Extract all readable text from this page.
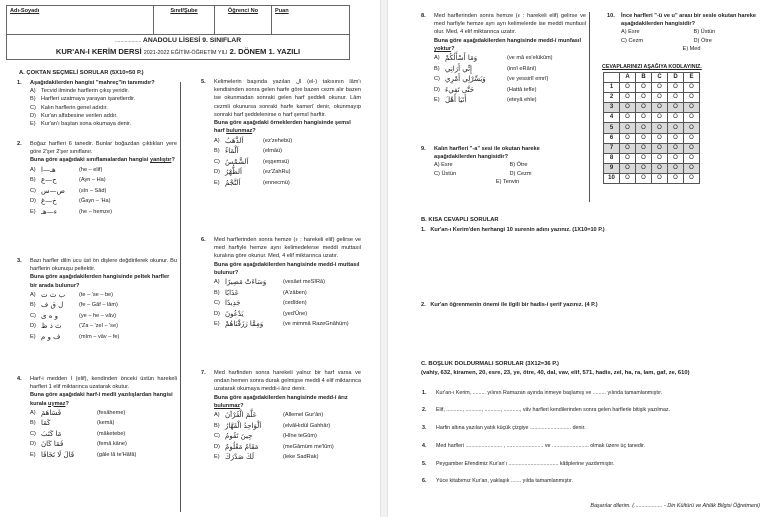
Adı-Soyadı	Sınıf/Şube	Öğrenci No	Puan
................... ANADOLU LİSESİ 9. SINIFLAR
KUR'AN-I KERİM DERSİ 2021-2022 EĞİTİM-ÖĞRETİM YILI 2. DÖNEM 1. YAZILI
A. ÇOKTAN SEÇMELİ SORULAR (5X10=50 P.)
1. Aşağıdakilerden hangisi "mahreç"in tanımıdır?
A) Tecvid ilminde harflerin çıkış yeridir.
B) Harfleri uzatmaya yarayan işaretlerdir.
C) Kalın harflerin genel adıdır.
D) Kur'an alfabesine verilen addır.
E) Kur'an'ı baştan sona okumaya denir.
2. Boğaz harfleri 6 tanedir. Bunlar boğazdan çıktıkları yere göre 2'şer 2'şer sınıflanır.
Buna göre aşağıdaki sınıflamalardan hangisi yanlıştır?
A) هـ—ا	(he – elif)
B) ح—ع	(Ayn – Ha)
C) ص—س	(sîn – Sâd)
D) خ—غ	(Ğayn – 'Ha)
E) ء—هـ	(he – hemze)
3. Bazı harfler dilin ucu üst ön dişlere değdirilerek okunur. Bu harflerin okunuşu peltektir.
Buna göre aşağıdakilerden hangisinde peltek harfler bir arada bulunur?
A) ب ث ت	(te – 'se – be)
B) ل ق ف	(fe – Gâf – lâm)
C) و ه ى	(ye – he – vâv)
D) ث ذ ظ	('Za – 'zel – 'se)
E) ف و م	(mîm – vâv – fe)
4. Harf-i medden ا (elif), kendinden önceki üstün harekeli harfleri 1 elif miktarınca uzatarak okutur.
Buna göre aşağıdaki harf-i medli yazılışlardan hangisi kurala uymaz?
A) فَسَاهَمَ	(fesâheme)
B) كَمَا	(kemâ)
C) مَا كَتَبَ	(mâketebe)
D) فَمَا كَانَ	(femâ kâne)
E) قَالَ لَا تَخَافَا	(gâle lâ te'Hâfâ)
5. Kelimelerin başında yazılan ال (el-) takısının lâm'ı kendisinden sonra gelen harfe göre bazen cezm alır bazen ise okunmadan sonraki gelen harf şeddeli okunur. Lâm cezmli okunursa sonraki harfe kamerî denir, okunmayıp sonraki harf şeddelenirse o harf şemsî harftir.
Buna göre aşağıdaki örneklerden hangisinde şemsî harf bulunmaz?
A) اَلذَّهَبُ	(ez'zehebü)
B) اَلْمَاءُ	(elmâü)
C) اَلشَّمْسُ	(eşşemsü)
D) اَلظُّهْرُ	(ez'ZahRu)
E) اَلنَّجْمُ	(ennecmü)
6. Med harflerinden sonra hemze (ء : harekeli elif) gelirse ve med harfiyle hemze aynı kelimedelerse meddi muttasıl kuralına göre okunur. Med, 4 elif miktarınca uzatır.
Buna göre aşağıdakilerden hangisinde medd-i muttasıl bulunur?
A) وَسَاءَتْ مَصِيرًا	(vesâet meSîRâ)
B) عَذَابًا	(A'zâben)
C) جَدِيدًا	(cedîden)
D) يَدْعُونَ	(yed'Ûne)
E) وَمِمَّا رَزَقْنَاهُمْ	(ve mimmâ RazeGnâhüm)
7. Med harfinden sonra harekeli yalnız bir harf varsa ve ondan hemen sonra durak gelmişse meddi 4 elif miktarınca uzatarak okumaya meddi-i ârız denir.
Buna göre aşağıdakilerden hangisinde medd-i ârız bulunmaz?
A) عَلَّمَ الْقُرْآنَ	(Allemel Gur'ân)
B) اَلْوَاحِدُ الْقَهَّارُ	(elvâHıdül Gahhâr)
C) حِينَ تَقُومُ	(Hîne teGûm)
D) مَقَامٌ مَعْلُومٌ	(meGâmüm me'lûm)
E) لَكَ صَدْرَكَ	(leke SadRak)
8. Med harflerinden sonra hemze (ء : harekeli elif) gelirse ve med harfiyle hemze ayrı ayrı kelimelerde ise meddi munfasıl olur. Med, 4 elif miktarınca uzatır.
Buna göre aşağıdakilerden hangisinde medd-i munfasıl yoktur?
A) وَمَا أَسْأَلُكُمْ	(ve mâ es'elükûm)
B) إِنِّي أَرَانِي	(innî eRânî)
C) وَيَسِّرْلِي أَمْرِي	(ve yessirlî emrî)
D) حَتَّى تَفِيءَ	(Hattâ tefîe)
E) أَتَيَا أَهْلَ	(eteyâ ehle)
9. Kalın harfleri "-a" sesi ile okutan hareke aşağıdakilerden hangisidir?
A) Esre	B) Ötre
C) Üstün	D) Cezm
E) Tenvin
10. İnce harfleri "-ü ve u" arası bir sesle okutan hareke aşağıdakilerden hangisidir?
A) Esre	B) Üstün
C) Cezm	D) Ötre
E) Med
CEVAPLARINIZI AŞAĞIYA KODLAYINIZ.
	A	B	C	D	E
1	O	O	O	O	O
2	O	O	O	O	O
3	O	O	O	O	O
4	O	O	O	O	O
5	O	O	O	O	O
6	O	O	O	O	O
7	O	O	O	O	O
8	O	O	O	O	O
9	O	O	O	O	O
10	O	O	O	O	O
B. KISA CEVAPLI SORULAR
1. Kur'an-ı Kerim'den herhangi 10 surenin adını yazınız. (1X10=10 P.)
2. Kur'an öğrenmenin önemi ile ilgili bir hadis-i şerif yazınız. (4 P.)
C. BOŞLUK DOLDURMALI SORULAR (3X12=36 P.)
(vahiy, 632, kiramen, 20, esre, 23, ye, ötre, 40, dal, vav, elif, 571, hadis, zel, ha, ra, lam, gaf, ze, 610)
1. Kur'an-ı Kerim, ......... yılının Ramazan ayında inmeye başlamış ve ......... yılında tamamlanmıştır.
2. Elif, ..........., ..........., ..........., ..........., vâv harfleri kendilerinden sonra gelen harflerle bitişik yazılmaz.
3. Harfin altına yazılan yatık küçük çizgiye ............................ denir.
4. Med harfleri ......................... , ......................... ve ......................... olmak üzere üç tanedir.
5. Peygamber Efendimiz Kur'an'ı .................................. kâtiplerine yazdırmıştır.
6. Yüce kitabımız Kur'an, yaklaşık ....... yılda tamamlanmıştır.
Başarılar dilerim. (................... - Din Kültürü ve Ahlâk Bilgisi Öğretmeni)
